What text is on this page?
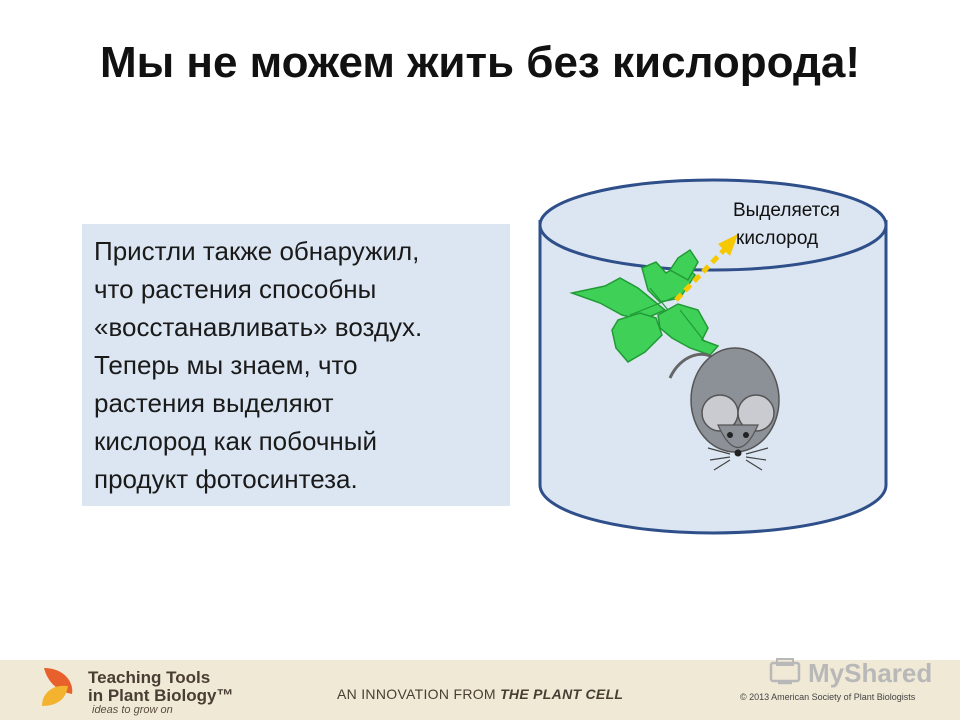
Мы не можем жить без кислорода!
Пристли также обнаружил,
что растения способны
«восстанавливать» воздух.
Теперь мы знаем, что
растения выделяют
кислород как побочный
продукт фотосинтеза.
Выделяется
кислород
Teaching Tools
in Plant Biology™
ideas to grow on
AN INNOVATION FROM THE PLANT CELL
MyShared
© 2013 American Society of Plant Biologists
